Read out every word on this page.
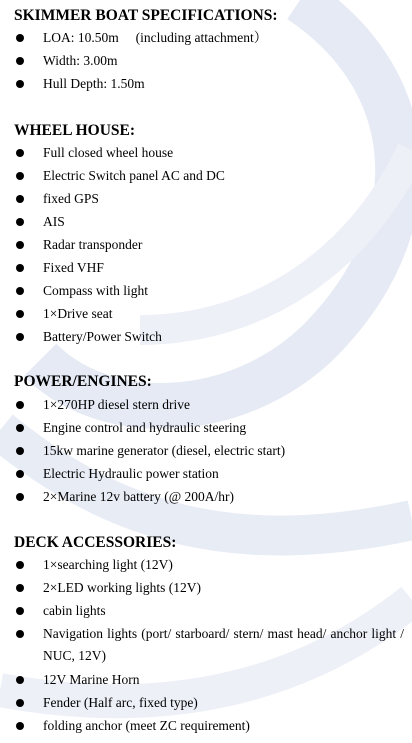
SKIMMER BOAT SPECIFICATIONS:
LOA: 10.50m 　(including attachment）
Width: 3.00m
Hull Depth: 1.50m
WHEEL HOUSE:
Full closed wheel house
Electric Switch panel AC and DC
fixed GPS
AIS
Radar transponder
Fixed VHF
Compass with light
1×Drive seat
Battery/Power Switch
POWER/ENGINES:
1×270HP diesel stern drive
Engine control and hydraulic steering
15kw marine generator (diesel, electric start)
Electric Hydraulic power station
2×Marine 12v battery (@ 200A/hr)
DECK ACCESSORIES:
1×searching light (12V)
2×LED working lights (12V)
cabin lights
Navigation lights (port/ starboard/ stern/ mast head/ anchor light / NUC, 12V)
12V Marine Horn
Fender (Half arc, fixed type)
folding anchor (meet ZC requirement)
